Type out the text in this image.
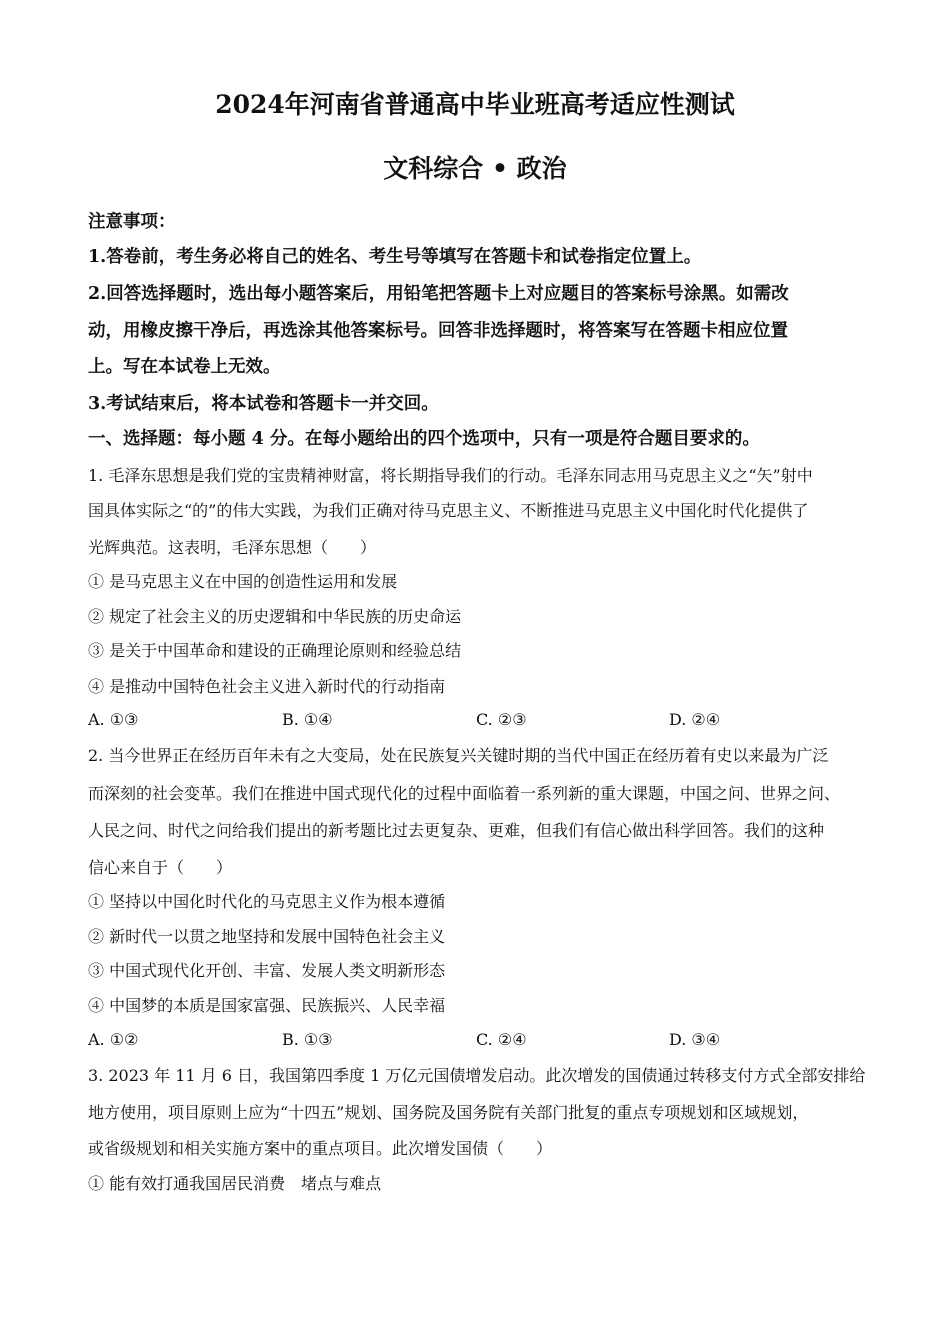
2024年河南省普通高中毕业班高考适应性测试
文科综合 • 政治
注意事项：
1.答卷前，考生务必将自己的姓名、考生号等填写在答题卡和试卷指定位置上。
2.回答选择题时，选出每小题答案后，用铅笔把答题卡上对应题目的答案标号涂黑。如需改
动，用橡皮擦干净后，再选涂其他答案标号。回答非选择题时，将答案写在答题卡相应位置
上。写在本试卷上无效。
3.考试结束后，将本试卷和答题卡一并交回。
一、选择题：每小题 4 分。在每小题给出的四个选项中，只有一项是符合题目要求的。
1. 毛泽东思想是我们党的宝贵精神财富，将长期指导我们的行动。毛泽东同志用马克思主义之“矢”射中
国具体实际之“的”的伟大实践，为我们正确对待马克思主义、不断推进马克思主义中国化时代化提供了
光辉典范。这表明，毛泽东思想（　　）
① 是马克思主义在中国的创造性运用和发展
② 规定了社会主义的历史逻辑和中华民族的历史命运
③ 是关于中国革命和建设的正确理论原则和经验总结
④ 是推动中国特色社会主义进入新时代的行动指南
A. ①③	B. ①④	C. ②③	D. ②④
2. 当今世界正在经历百年未有之大变局，处在民族复兴关键时期的当代中国正在经历着有史以来最为广泛
而深刻的社会变革。我们在推进中国式现代化的过程中面临着一系列新的重大课题，中国之问、世界之问、
人民之问、时代之问给我们提出的新考题比过去更复杂、更难，但我们有信心做出科学回答。我们的这种
信心来自于（　　）
① 坚持以中国化时代化的马克思主义作为根本遵循
② 新时代一以贯之地坚持和发展中国特色社会主义
③ 中国式现代化开创、丰富、发展人类文明新形态
④ 中国梦的本质是国家富强、民族振兴、人民幸福
A. ①②	B. ①③	C. ②④	D. ③④
3. 2023 年 11 月 6 日，我国第四季度 1 万亿元国债增发启动。此次增发的国债通过转移支付方式全部安排给
地方使用，项目原则上应为“十四五”规划、国务院及国务院有关部门批复的重点专项规划和区域规划，
或省级规划和相关实施方案中的重点项目。此次增发国债（　　）
① 能有效打通我国居民消费　堵点与难点
